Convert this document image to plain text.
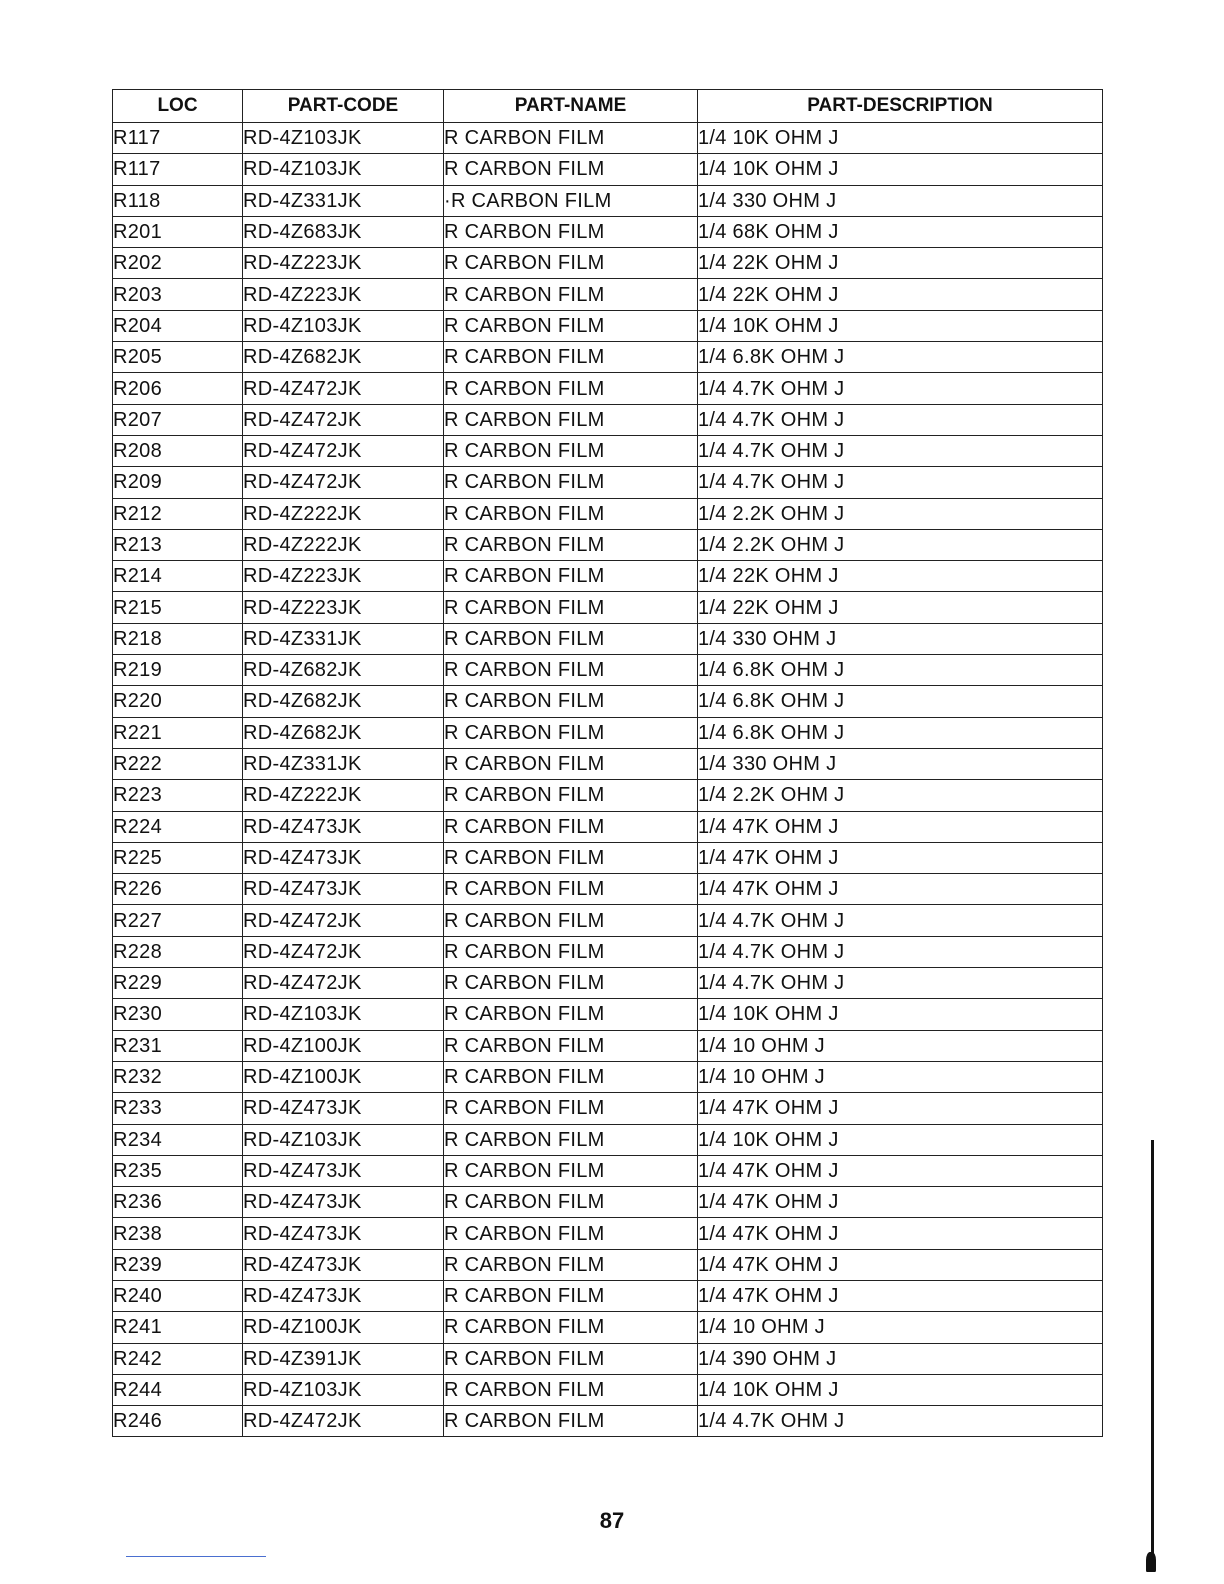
LOC	PART-CODE	PART-NAME	PART-DESCRIPTION
R117	RD-4Z103JK	R CARBON FILM	1/4 10K OHM J
R117	RD-4Z103JK	R CARBON FILM	1/4 10K OHM J
R118	RD-4Z331JK	·R CARBON FILM	1/4 330 OHM J
R201	RD-4Z683JK	R CARBON FILM	1/4 68K OHM J
R202	RD-4Z223JK	R CARBON FILM	1/4 22K OHM J
R203	RD-4Z223JK	R CARBON FILM	1/4 22K OHM J
R204	RD-4Z103JK	R CARBON FILM	1/4 10K OHM J
R205	RD-4Z682JK	R CARBON FILM	1/4 6.8K OHM J
R206	RD-4Z472JK	R CARBON FILM	1/4 4.7K OHM J
R207	RD-4Z472JK	R CARBON FILM	1/4 4.7K OHM J
R208	RD-4Z472JK	R CARBON FILM	1/4 4.7K OHM J
R209	RD-4Z472JK	R CARBON FILM	1/4 4.7K OHM J
R212	RD-4Z222JK	R CARBON FILM	1/4 2.2K OHM J
R213	RD-4Z222JK	R CARBON FILM	1/4 2.2K OHM J
R214	RD-4Z223JK	R CARBON FILM	1/4 22K OHM J
R215	RD-4Z223JK	R CARBON FILM	1/4 22K OHM J
R218	RD-4Z331JK	R CARBON FILM	1/4 330 OHM J
R219	RD-4Z682JK	R CARBON FILM	1/4 6.8K OHM J
R220	RD-4Z682JK	R CARBON FILM	1/4 6.8K OHM J
R221	RD-4Z682JK	R CARBON FILM	1/4 6.8K OHM J
R222	RD-4Z331JK	R CARBON FILM	1/4 330 OHM J
R223	RD-4Z222JK	R CARBON FILM	1/4 2.2K OHM J
R224	RD-4Z473JK	R CARBON FILM	1/4 47K OHM J
R225	RD-4Z473JK	R CARBON FILM	1/4 47K OHM J
R226	RD-4Z473JK	R CARBON FILM	1/4 47K OHM J
R227	RD-4Z472JK	R CARBON FILM	1/4 4.7K OHM J
R228	RD-4Z472JK	R CARBON FILM	1/4 4.7K OHM J
R229	RD-4Z472JK	R CARBON FILM	1/4 4.7K OHM J
R230	RD-4Z103JK	R CARBON FILM	1/4 10K OHM J
R231	RD-4Z100JK	R CARBON FILM	1/4 10 OHM J
R232	RD-4Z100JK	R CARBON FILM	1/4 10 OHM J
R233	RD-4Z473JK	R CARBON FILM	1/4 47K OHM J
R234	RD-4Z103JK	R CARBON FILM	1/4 10K OHM J
R235	RD-4Z473JK	R CARBON FILM	1/4 47K OHM J
R236	RD-4Z473JK	R CARBON FILM	1/4 47K OHM J
R238	RD-4Z473JK	R CARBON FILM	1/4 47K OHM J
R239	RD-4Z473JK	R CARBON FILM	1/4 47K OHM J
R240	RD-4Z473JK	R CARBON FILM	1/4 47K OHM J
R241	RD-4Z100JK	R CARBON FILM	1/4 10 OHM J
R242	RD-4Z391JK	R CARBON FILM	1/4 390 OHM J
R244	RD-4Z103JK	R CARBON FILM	1/4 10K OHM J
R246	RD-4Z472JK	R CARBON FILM	1/4 4.7K OHM J
87
